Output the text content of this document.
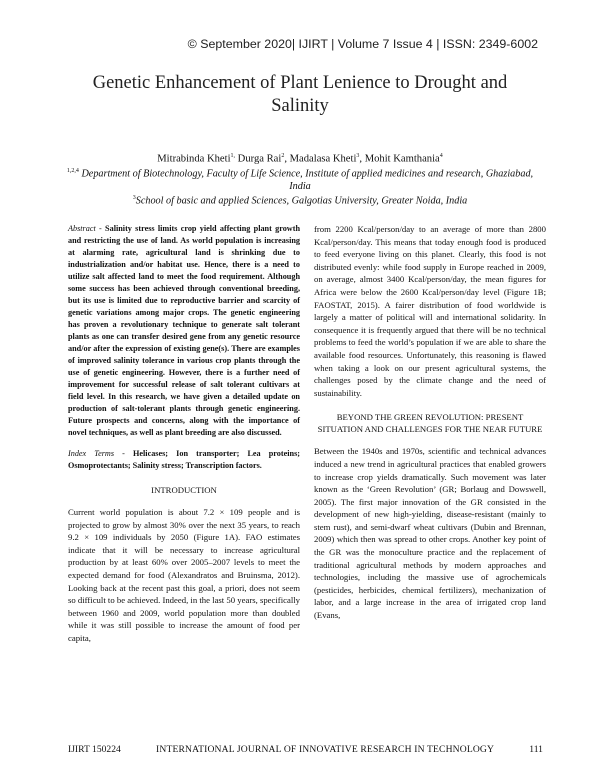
© September 2020| IJIRT | Volume 7 Issue 4 | ISSN: 2349-6002
Genetic Enhancement of Plant Lenience to Drought and
Salinity
Mitrabinda Kheti$^{1,}$ Durga Rai$^2$, Madalasa Kheti$^3$, Mohit Kamthania$^4$
$^{1,2,4}$ Department of Biotechnology, Faculty of Life Science, Institute of applied medicines and research, Ghaziabad, India
$^3$School of basic and applied Sciences, Galgotias University, Greater Noida, India

Abstract - Salinity stress limits crop yield affecting plant growth and restricting the use of land. As world population is increasing at alarming rate, agricultural land is shrinking due to industrialization and/or habitat use. Hence, there is a need to utilize salt affected land to meet the food requirement. Although some success has been achieved through conventional breeding, but its use is limited due to reproductive barrier and scarcity of genetic variations among major crops. The genetic engineering has proven a revolutionary technique to generate salt tolerant plants as one can transfer desired gene from any genetic resource and/or after the expression of existing gene(s). There are examples of improved salinity tolerance in various crop plants through the use of genetic engineering. However, there is a further need of improvement for successful release of salt tolerant cultivars at field level. In this research, we have given a detailed update on production of salt-tolerant plants through genetic engineering. Future prospects and concerns, along with the importance of novel techniques, as well as plant breeding are also discussed.

Index Terms - Helicases; Ion transporter; Lea proteins; Osmoprotectants; Salinity stress; Transcription factors.

INTRODUCTION

Current world population is about 7.2 × 109 people and is projected to grow by almost 30% over the next 35 years, to reach 9.2 × 109 individuals by 2050 (Figure 1A). FAO estimates indicate that it will be necessary to increase agricultural production by at least 60% over 2005–2007 levels to meet the expected demand for food (Alexandratos and Bruinsma, 2012). Looking back at the recent past this goal, a priori, does not seem so difficult to be achieved. Indeed, in the last 50 years, specifically between 1960 and 2009, world population more than doubled while it was still possible to increase the amount of food per capita,

from 2200 Kcal/person/day to an average of more than 2800 Kcal/person/day. This means that today enough food is produced to feed everyone living on this planet. Clearly, this food is not distributed evenly: while food supply in Europe reached in 2009, on average, almost 3400 Kcal/person/day, the mean figures for Africa were below the 2600 Kcal/person/day level (Figure 1B; FAOSTAT, 2015). A fairer distribution of food worldwide is largely a matter of political will and international solidarity. In consequence it is frequently argued that there will be no technical problems to feed the world’s population if we are able to share the available food resources. Unfortunately, this reasoning is flawed when taking a look on our present agricultural systems, the challenges posed by the climate change and the need of sustainability.

BEYOND THE GREEN REVOLUTION: PRESENT SITUATION AND CHALLENGES FOR THE NEAR FUTURE

Between the 1940s and 1970s, scientific and technical advances induced a new trend in agricultural practices that enabled growers to increase crop yields dramatically. Such movement was later known as the ‘Green Revolution’ (GR; Borlaug and Dowswell, 2005). The first major innovation of the GR consisted in the development of new high-yielding, disease-resistant (mainly to stem rust), and semi-dwarf wheat cultivars (Dubin and Brennan, 2009) which then was spread to other crops. Another key point of the GR was the monoculture practice and the replacement of traditional agricultural methods by modern approaches and technologies, including the massive use of agrochemicals (pesticides, herbicides, chemical fertilizers), mechanization of labor, and a large increase in the area of irrigated crop land (Evans,

IJIRT 150224	INTERNATIONAL JOURNAL OF INNOVATIVE RESEARCH IN TECHNOLOGY	111
